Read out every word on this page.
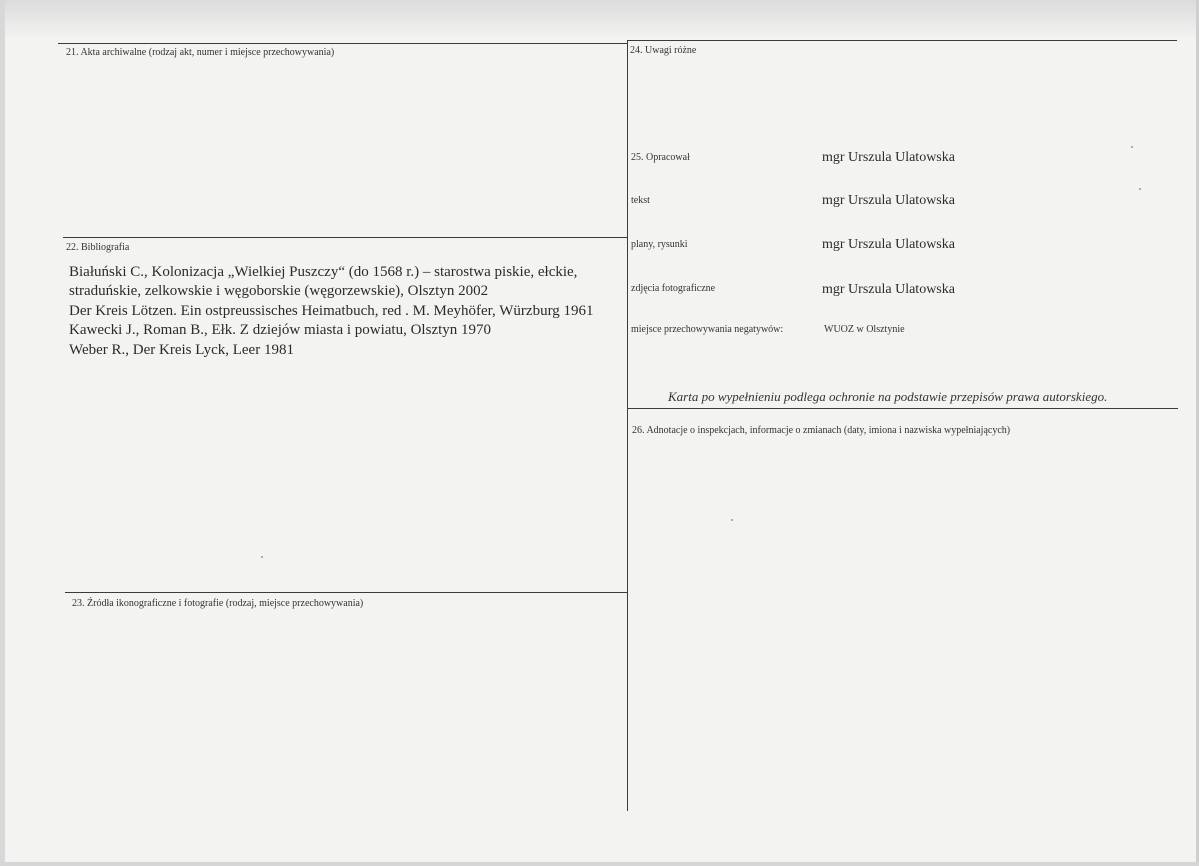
21. Akta archiwalne (rodzaj akt, numer i miejsce przechowywania)
22. Bibliografia
Białuński C., Kolonizacja „Wielkiej Puszczy“ (do 1568 r.) – starostwa piskie, ełckie,
straduńskie, zelkowskie i węgoborskie (węgorzewskie), Olsztyn 2002
Der Kreis Lötzen. Ein ostpreussisches Heimatbuch, red . M. Meyhöfer, Würzburg 1961
Kawecki J., Roman B., Ełk. Z dziejów miasta i powiatu, Olsztyn 1970
Weber R., Der Kreis Lyck, Leer 1981
23. Źródła ikonograficzne i fotografie (rodzaj, miejsce przechowywania)
24. Uwagi różne
25. Opracował	mgr Urszula Ulatowska
tekst	mgr Urszula Ulatowska
plany, rysunki	mgr Urszula Ulatowska
zdjęcia fotograficzne	mgr Urszula Ulatowska
miejsce przechowywania negatywów:	WUOZ w Olsztynie
Karta po wypełnieniu podlega ochronie na podstawie przepisów prawa autorskiego.
26. Adnotacje o inspekcjach, informacje o zmianach (daty, imiona i nazwiska wypełniających)
